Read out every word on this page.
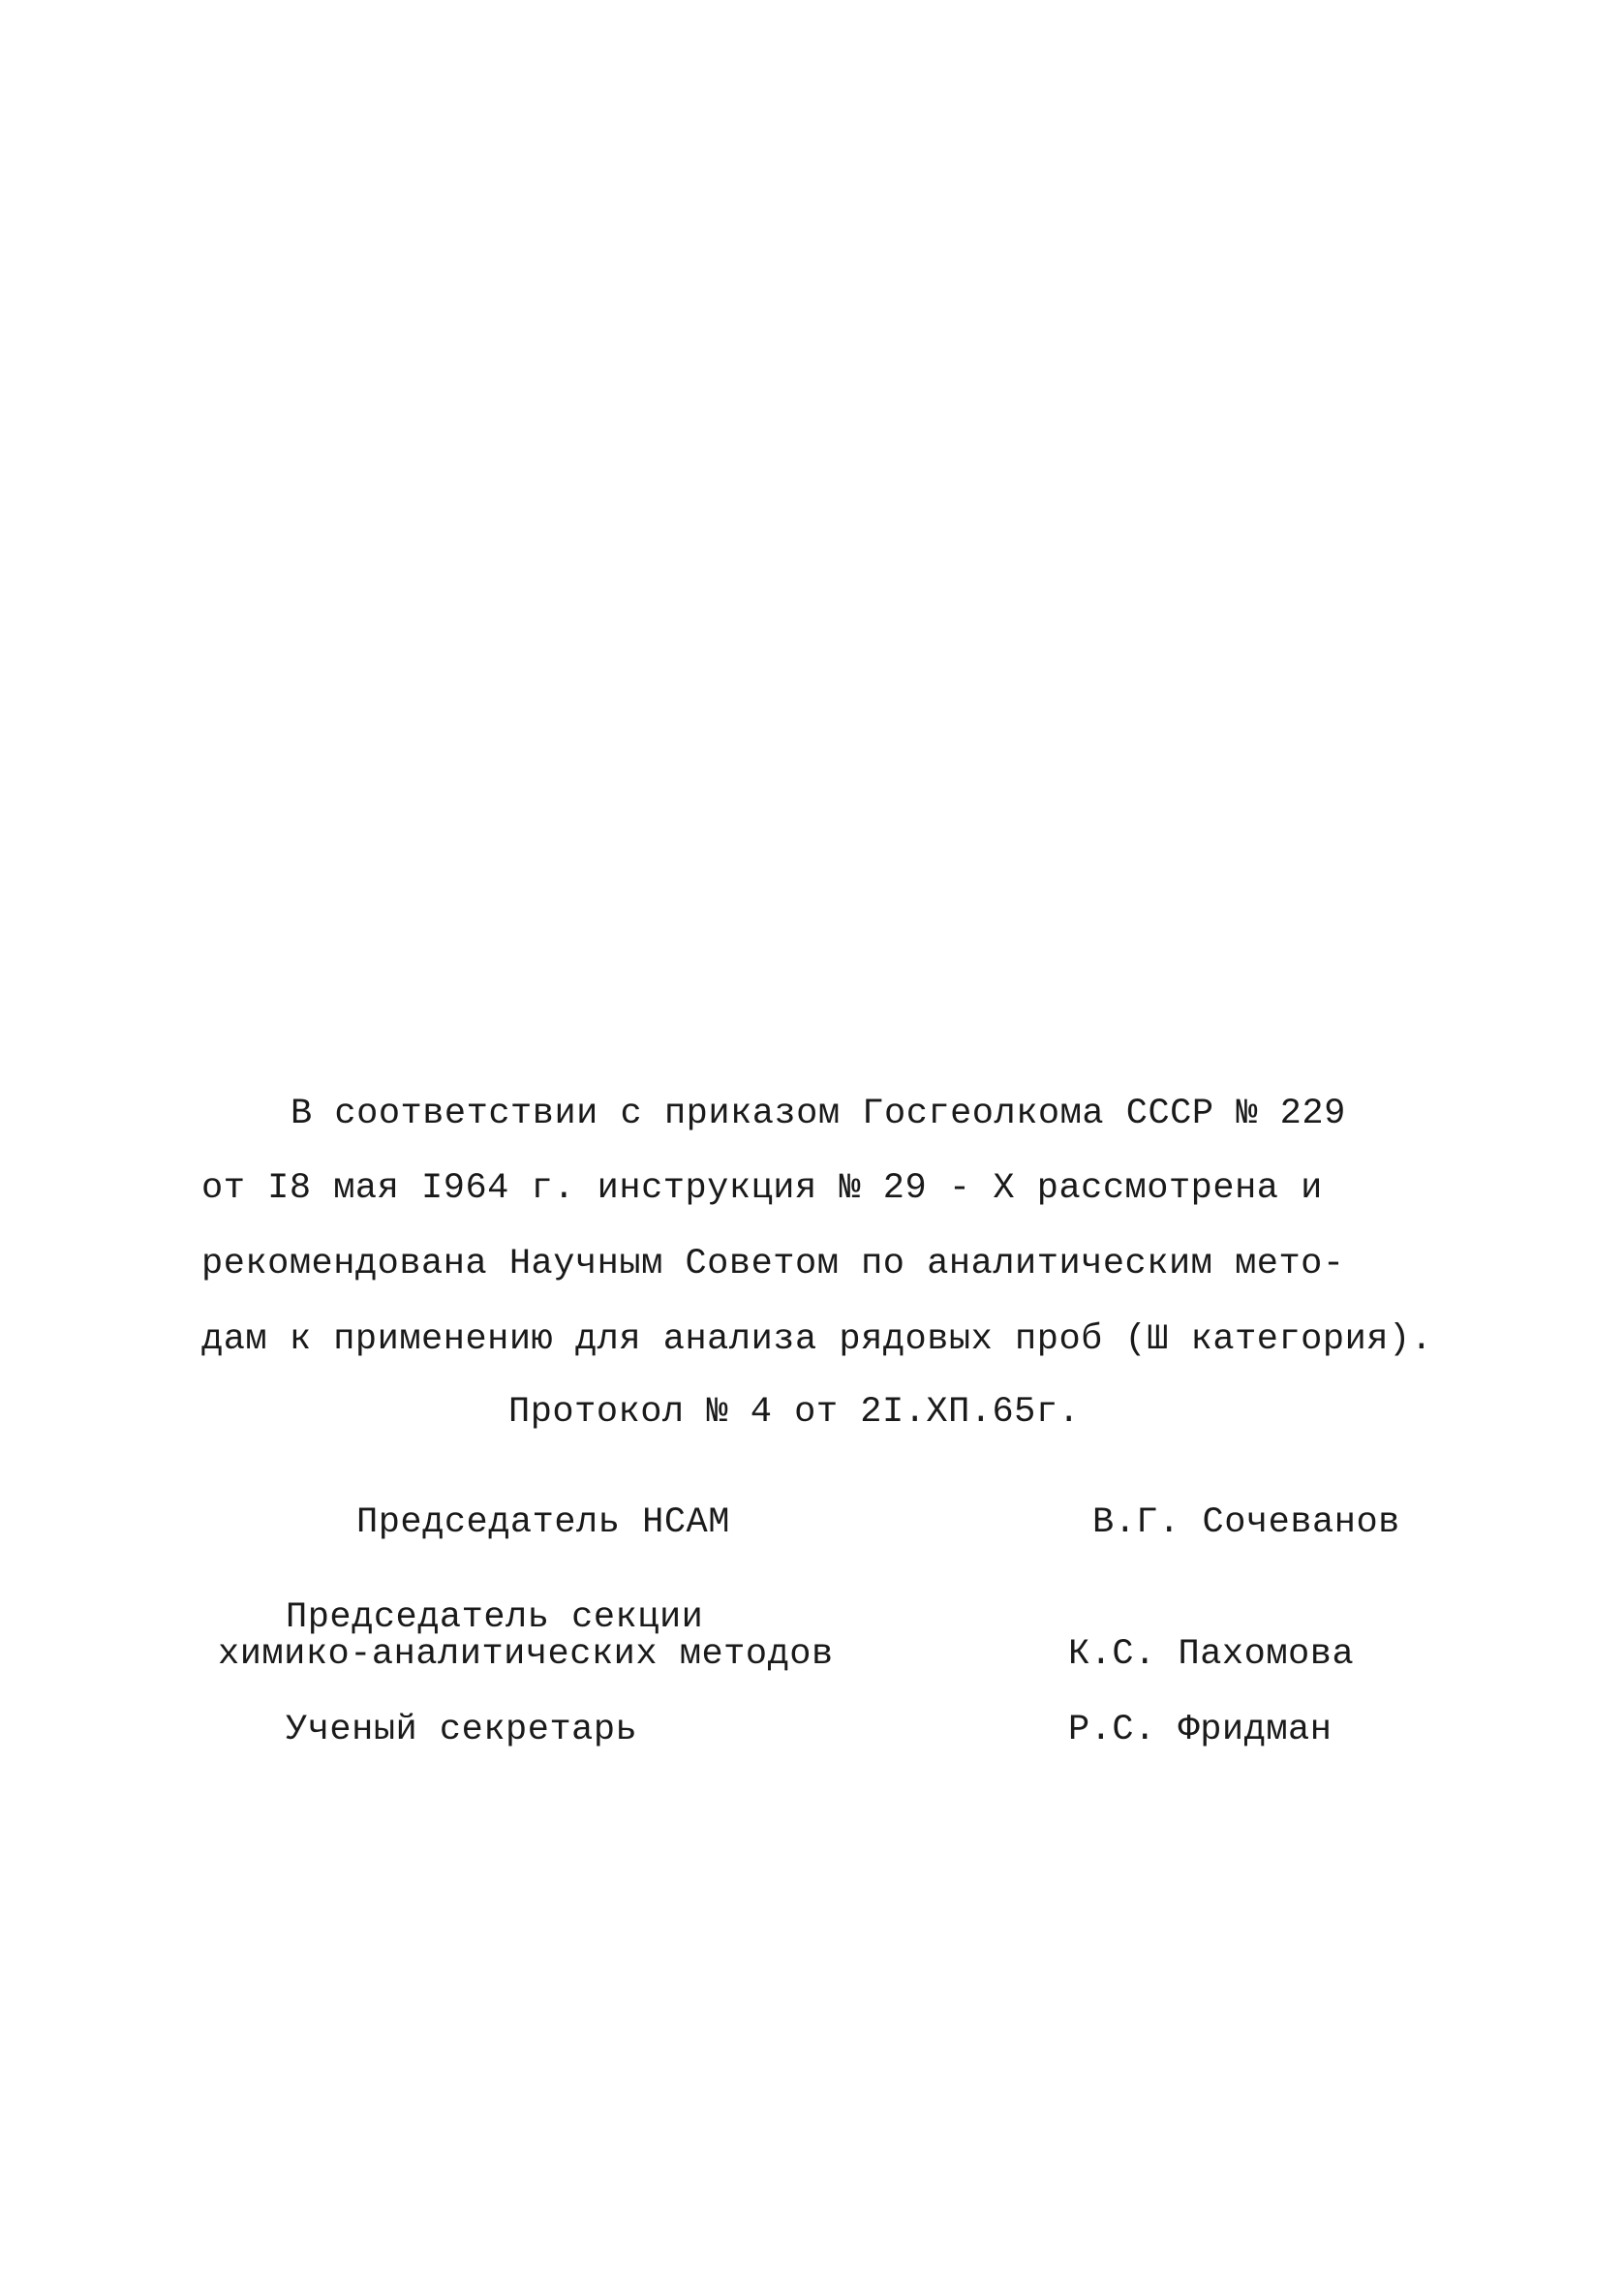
В соответствии с приказом Госгеолкома СССР № 229
от I8 мая I964 г. инструкция № 29 - X рассмотрена и
рекомендована Научным Советом по аналитическим мето-
дам к применению для анализа рядовых проб (Ш категория).
Протокол № 4 от 2I.XП.65г.
Председатель НСАМ	В.Г. Сочеванов
Председатель секции
химико-аналитических методов	К.С. Пахомова
Ученый секретарь	Р.С. Фридман
